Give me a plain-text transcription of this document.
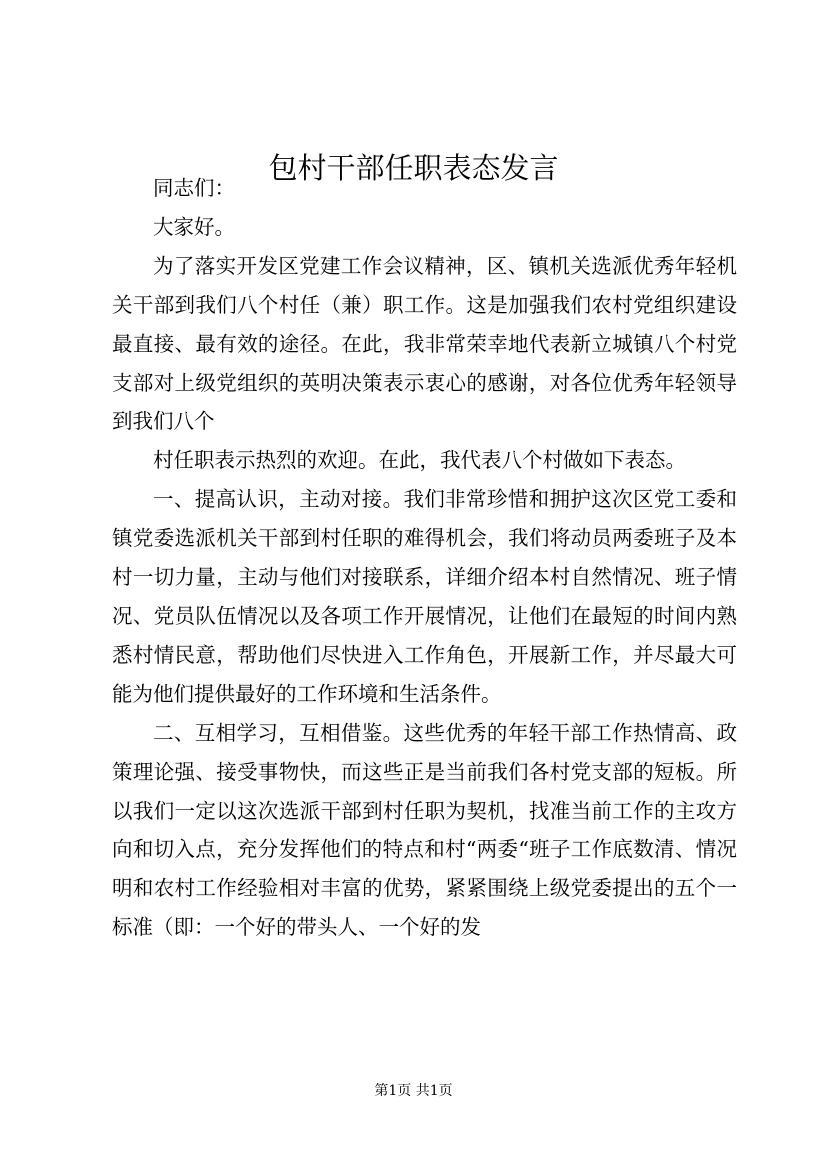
包村干部任职表态发言

同志们：

大家好。

为了落实开发区党建工作会议精神，区、镇机关选派优秀年轻机关干部到我们八个村任（兼）职工作。这是加强我们农村党组织建设最直接、最有效的途径。在此，我非常荣幸地代表新立城镇八个村党支部对上级党组织的英明决策表示衷心的感谢，对各位优秀年轻领导到我们八个

村任职表示热烈的欢迎。在此，我代表八个村做如下表态。

一、提高认识，主动对接。我们非常珍惜和拥护这次区党工委和镇党委选派机关干部到村任职的难得机会，我们将动员两委班子及本村一切力量，主动与他们对接联系，详细介绍本村自然情况、班子情况、党员队伍情况以及各项工作开展情况，让他们在最短的时间内熟悉村情民意，帮助他们尽快进入工作角色，开展新工作，并尽最大可能为他们提供最好的工作环境和生活条件。

二、互相学习，互相借鉴。这些优秀的年轻干部工作热情高、政策理论强、接受事物快，而这些正是当前我们各村党支部的短板。所以我们一定以这次选派干部到村任职为契机，找准当前工作的主攻方向和切入点，充分发挥他们的特点和村“两委“班子工作底数清、情况明和农村工作经验相对丰富的优势，紧紧围绕上级党委提出的五个一标准（即：一个好的带头人、一个好的发

第1页 共1页
